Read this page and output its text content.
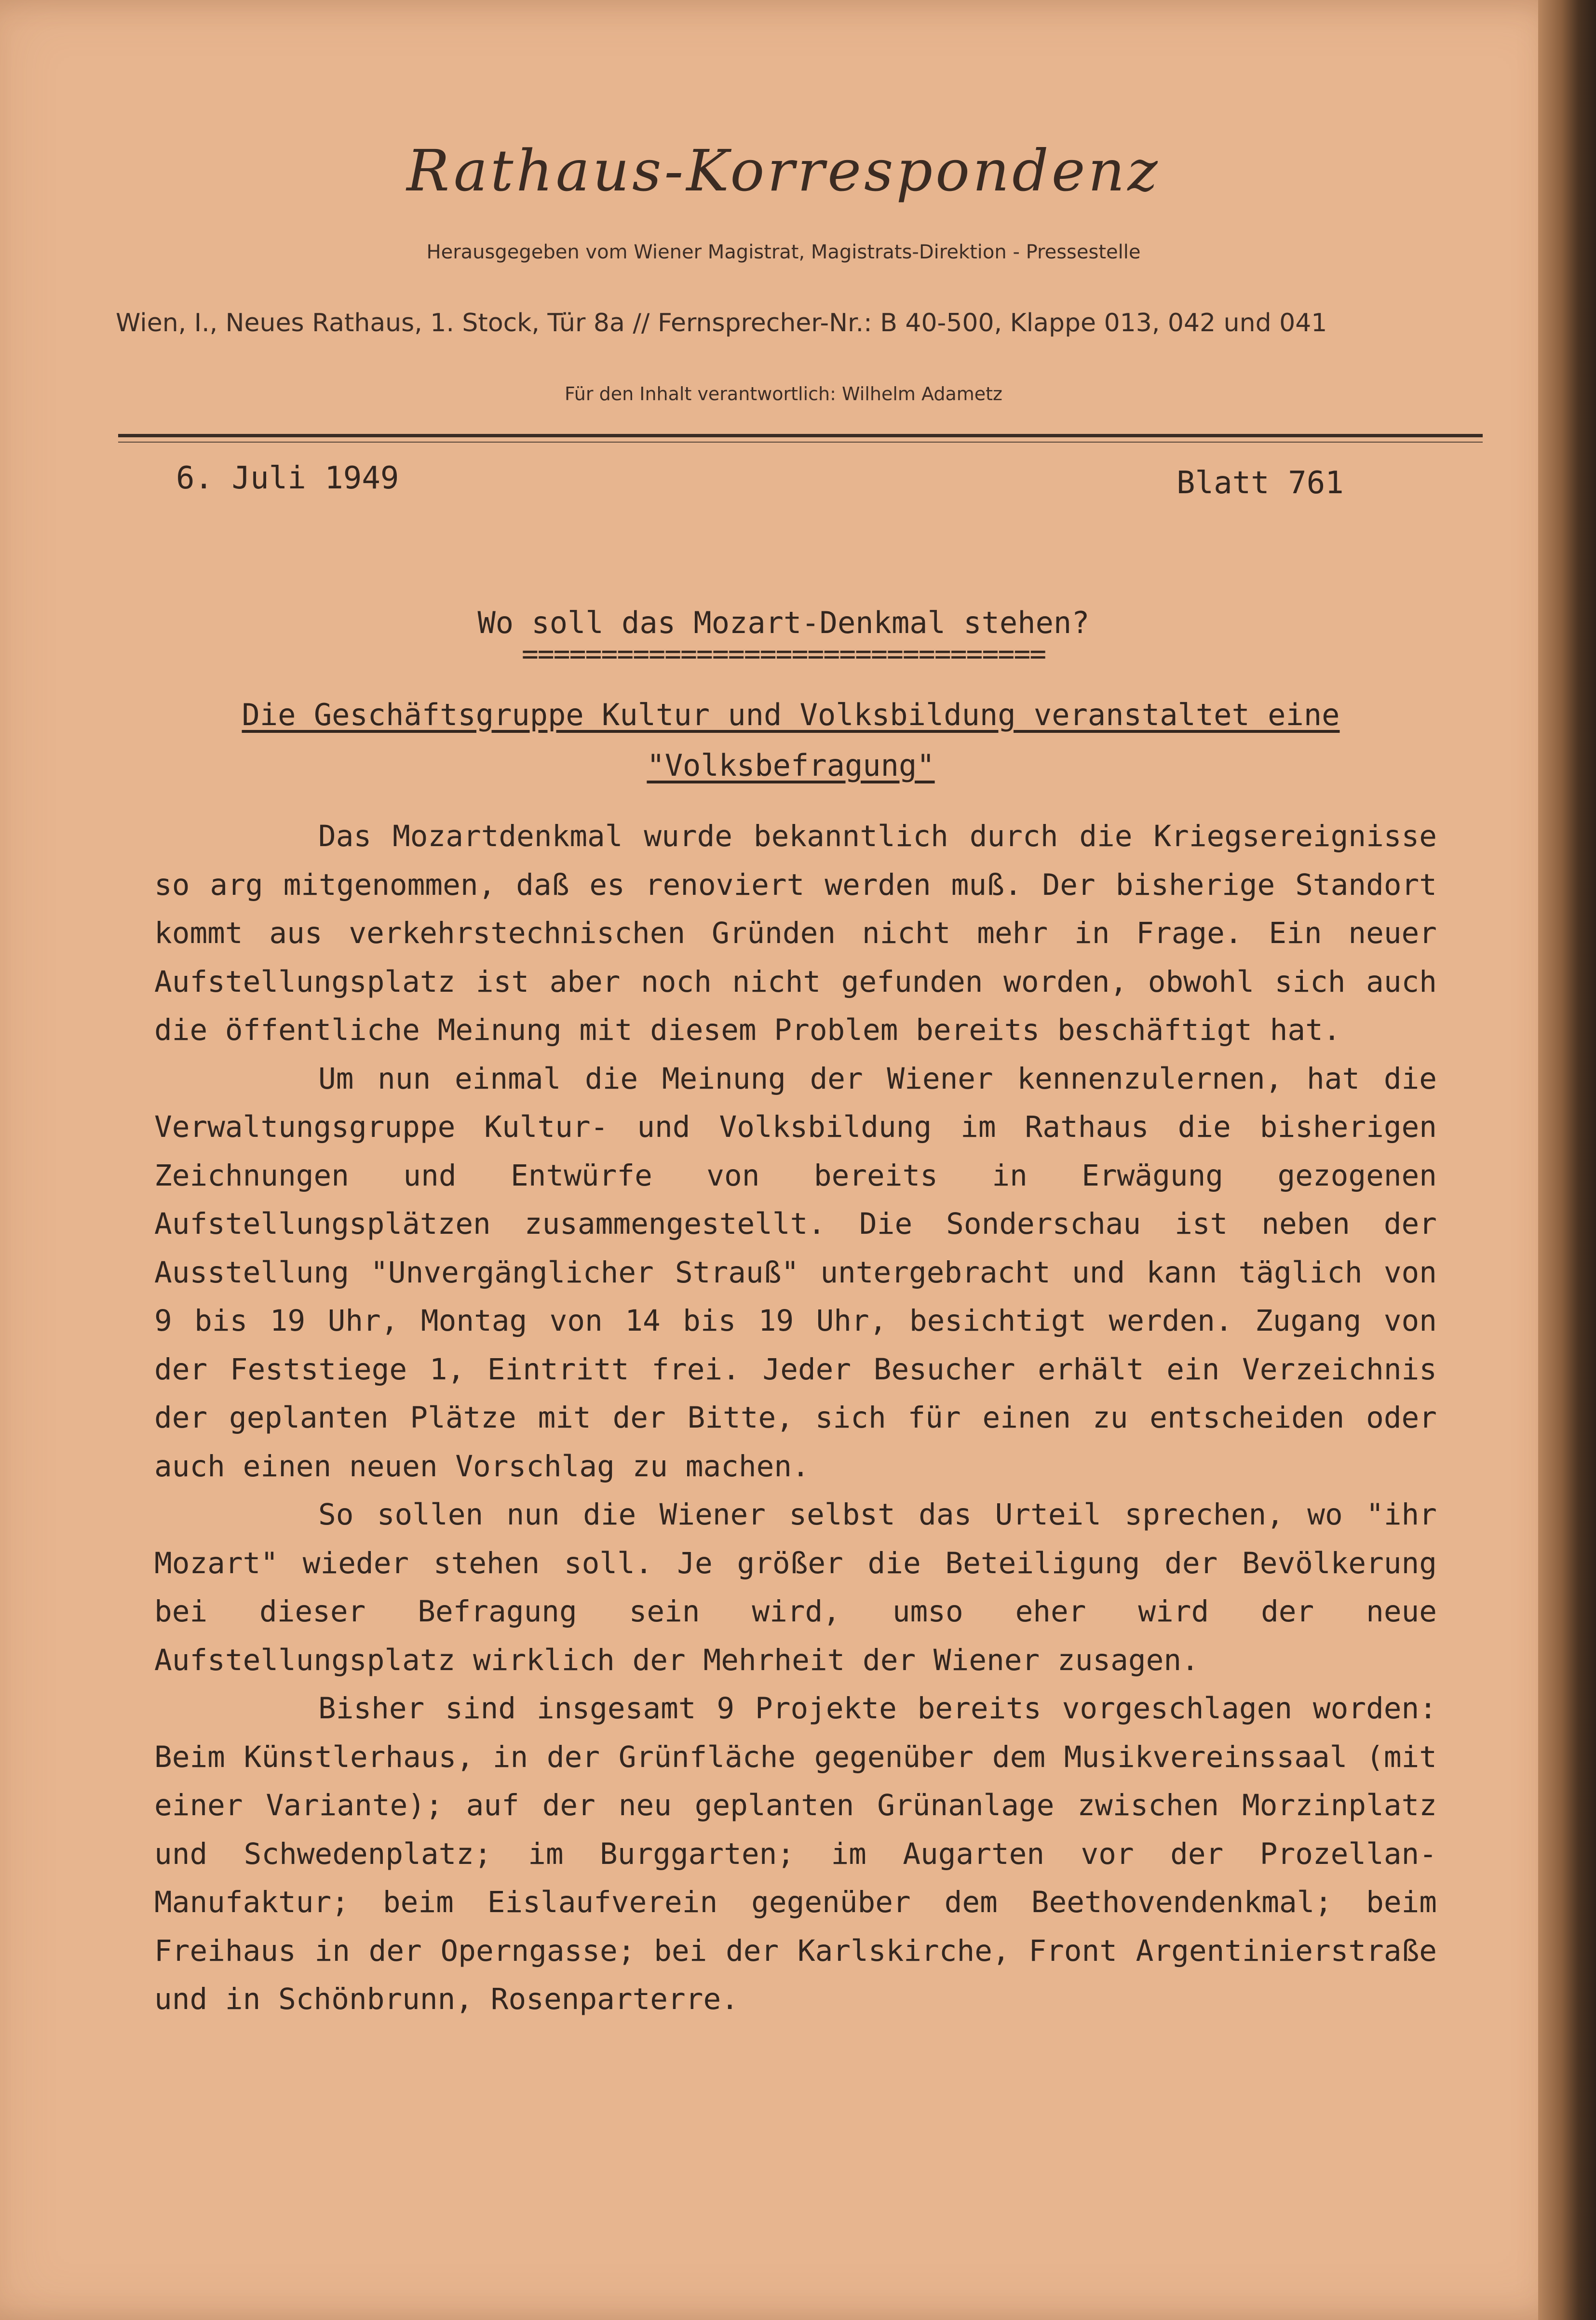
Rathaus-Korrespondenz
Herausgegeben vom Wiener Magistrat, Magistrats-Direktion - Pressestelle
Wien, I., Neues Rathaus, 1. Stock, Tür 8a // Fernsprecher-Nr.: B 40-500, Klappe 013, 042 und 041
Für den Inhalt verantwortlich: Wilhelm Adametz
6. Juli 1949	Blatt 761
Wo soll das Mozart-Denkmal stehen?
=================================
Die Geschäftsgruppe Kultur und Volksbildung veranstaltet eine "Volksbefragung"

Das Mozartdenkmal wurde bekanntlich durch die Kriegsereignisse so arg mitgenommen, daß es renoviert werden muß. Der bisherige Standort kommt aus verkehrstechnischen Gründen nicht mehr in Frage. Ein neuer Aufstellungsplatz ist aber noch nicht gefunden worden, obwohl sich auch die öffentliche Meinung mit diesem Problem bereits beschäftigt hat.

Um nun einmal die Meinung der Wiener kennenzulernen, hat die Verwaltungsgruppe Kultur- und Volksbildung im Rathaus die bisherigen Zeichnungen und Entwürfe von bereits in Erwägung gezogenen Aufstellungsplätzen zusammengestellt. Die Sonderschau ist neben der Ausstellung "Unvergänglicher Strauß" untergebracht und kann täglich von 9 bis 19 Uhr, Montag von 14 bis 19 Uhr, besichtigt werden. Zugang von der Feststiege 1, Eintritt frei. Jeder Besucher erhält ein Verzeichnis der geplanten Plätze mit der Bitte, sich für einen zu entscheiden oder auch einen neuen Vorschlag zu machen.

So sollen nun die Wiener selbst das Urteil sprechen, wo "ihr Mozart" wieder stehen soll. Je größer die Beteiligung der Bevölkerung bei dieser Befragung sein wird, umso eher wird der neue Aufstellungsplatz wirklich der Mehrheit der Wiener zusagen.

Bisher sind insgesamt 9 Projekte bereits vorgeschlagen worden: Beim Künstlerhaus, in der Grünfläche gegenüber dem Musikvereinssaal (mit einer Variante); auf der neu geplanten Grünanlage zwischen Morzinplatz und Schwedenplatz; im Burggarten; im Augarten vor der Prozellan-Manufaktur; beim Eislaufverein gegenüber dem Beethovendenkmal; beim Freihaus in der Operngasse; bei der Karlskirche, Front Argentinierstraße und in Schönbrunn, Rosenparterre.
